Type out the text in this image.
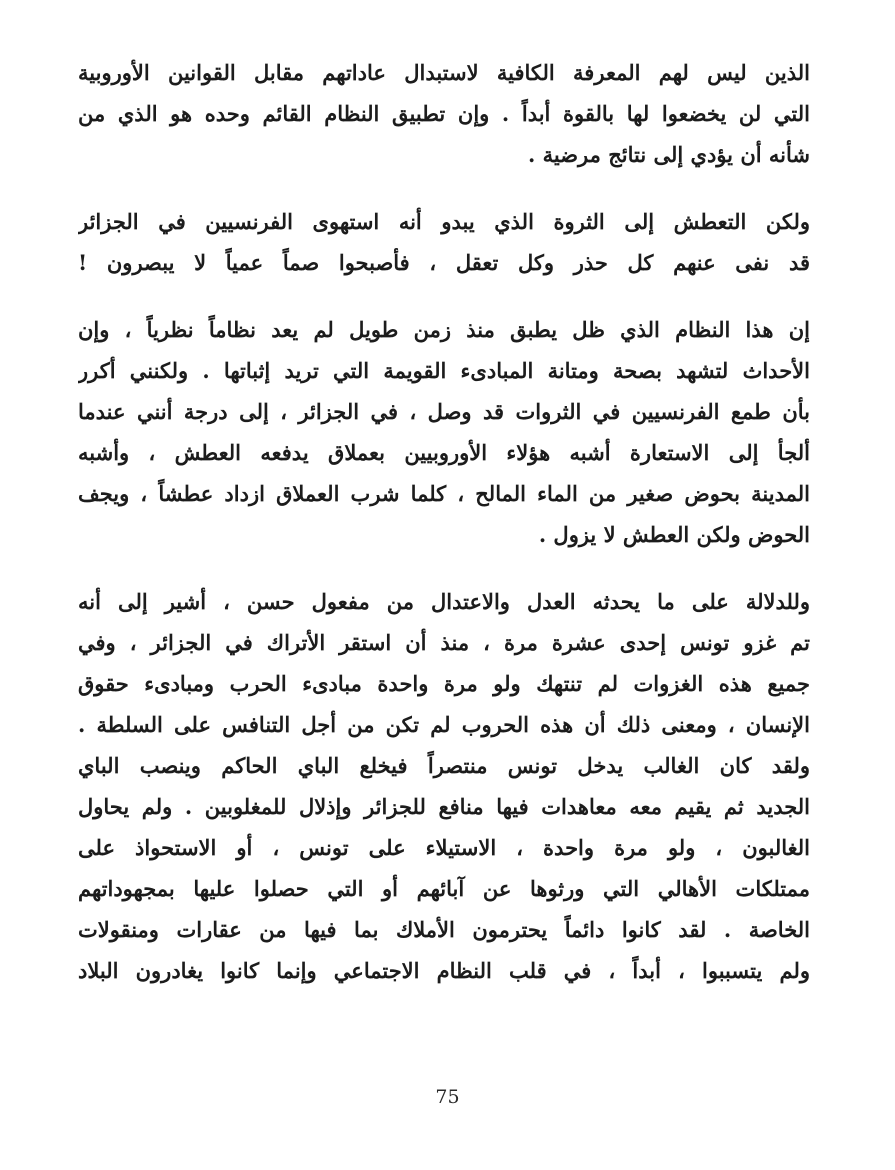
الذين ليس لهم المعرفة الكافية لاستبدال عاداتهم مقابل القوانين الأوروبية
التي لن يخضعوا لها بالقوة أبداً . وإن تطبيق النظام القائم وحده هو الذي من
شأنه أن يؤدي إلى نتائج مرضية .
ولكن التعطش إلى الثروة الذي يبدو أنه استهوى الفرنسيين في الجزائر
قد نفى عنهم كل حذر وكل تعقل ، فأصبحوا صماً عمياً لا يبصرون !
إن هذا النظام الذي ظل يطبق منذ زمن طويل لم يعد نظاماً نظرياً ، وإن
الأحداث لتشهد بصحة ومتانة المبادىء القويمة التي تريد إثباتها . ولكنني أكرر
بأن طمع الفرنسيين في الثروات قد وصل ، في الجزائر ، إلى درجة أنني عندما
ألجأ إلى الاستعارة أشبه هؤلاء الأوروبيين بعملاق يدفعه العطش ، وأشبه
المدينة بحوض صغير من الماء المالح ، كلما شرب العملاق ازداد عطشاً ، ويجف
الحوض ولكن العطش لا يزول .
وللدلالة على ما يحدثه العدل والاعتدال من مفعول حسن ، أشير إلى أنه
تم غزو تونس إحدى عشرة مرة ، منذ أن استقر الأتراك في الجزائر ، وفي
جميع هذه الغزوات لم تنتهك ولو مرة واحدة مبادىء الحرب ومبادىء حقوق
الإنسان ، ومعنى ذلك أن هذه الحروب لم تكن من أجل التنافس على السلطة .
ولقد كان الغالب يدخل تونس منتصراً فيخلع الباي الحاكم وينصب الباي
الجديد ثم يقيم معه معاهدات فيها منافع للجزائر وإذلال للمغلوبين . ولم يحاول
الغالبون ، ولو مرة واحدة ، الاستيلاء على تونس ، أو الاستحواذ على
ممتلكات الأهالي التي ورثوها عن آبائهم أو التي حصلوا عليها بمجهوداتهم
الخاصة . لقد كانوا دائماً يحترمون الأملاك بما فيها من عقارات ومنقولات
ولم يتسببوا ، أبداً ، في قلب النظام الاجتماعي وإنما كانوا يغادرون البلاد
75
